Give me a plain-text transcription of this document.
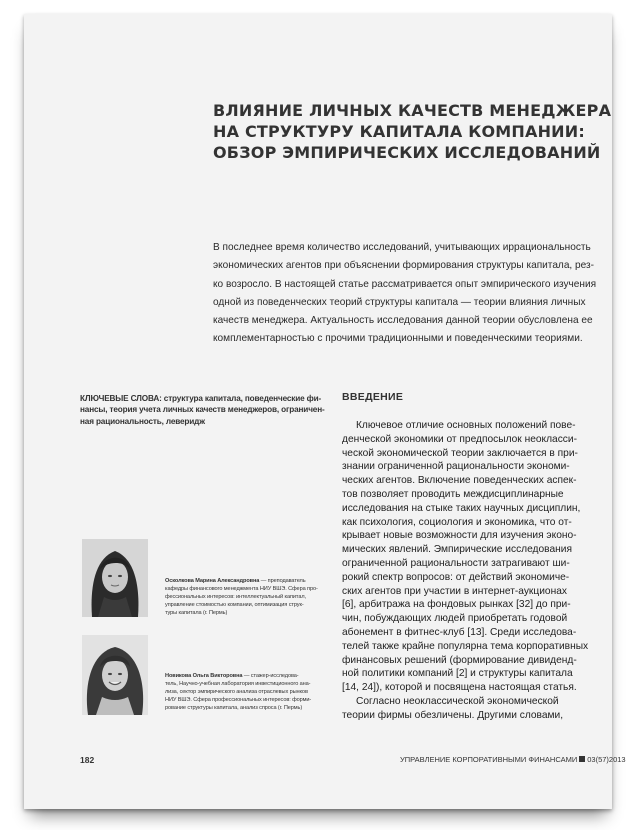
ВЛИЯНИЕ ЛИЧНЫХ КАЧЕСТВ МЕНЕДЖЕРА
НА СТРУКТУРУ КАПИТАЛА КОМПАНИИ:
ОБЗОР ЭМПИРИЧЕСКИХ ИССЛЕДОВАНИЙ
В последнее время количество исследований, учитывающих иррациональность
экономических агентов при объяснении формирования структуры капитала, рез-
ко возросло. В настоящей статье рассматривается опыт эмпирического изучения
одной из поведенческих теорий структуры капитала — теории влияния личных
качеств менеджера. Актуальность исследования данной теории обусловлена ее
комплементарностью с прочими традиционными и поведенческими теориями.
КЛЮЧЕВЫЕ СЛОВА: структура капитала, поведенческие фи-
нансы, теория учета личных качеств менеджеров, ограничен-
ная рациональность, леверидж
ВВЕДЕНИЕ
Ключевое отличие основных положений пове-
денческой экономики от предпосылок неокласси-
ческой экономической теории заключается в при-
знании ограниченной рациональности экономи-
ческих агентов. Включение поведенческих аспек-
тов позволяет проводить междисциплинарные
исследования на стыке таких научных дисциплин,
как психология, социология и экономика, что от-
крывает новые возможности для изучения эконо-
мических явлений. Эмпирические исследования
ограниченной рациональности затрагивают ши-
рокий спектр вопросов: от действий экономиче-
ских агентов при участии в интернет-аукционах
[6], арбитража на фондовых рынках [32] до при-
чин, побуждающих людей приобретать годовой
абонемент в фитнес-клуб [13]. Среди исследова-
телей также крайне популярна тема корпоративных
финансовых решений (формирование дивиденд-
ной политики компаний [2] и структуры капитала
[14, 24]), которой и посвящена настоящая статья.
Согласно неоклассической экономической
теории фирмы обезличены. Другими словами,
Осколкова Марина Александровна — преподаватель
кафедры финансового менеджмента НИУ ВШЭ. Сфера про-
фессиональных интересов: интеллектуальный капитал,
управление стоимостью компании, оптимизация струк-
туры капитала (г. Пермь)
Новикова Ольга Викторовна — стажер-исследова-
тель, Научно-учебная лаборатория инвестиционного ана-
лиза, сектор эмпирического анализа отраслевых рынков
НИУ ВШЭ. Сфера профессиональных интересов: форми-
рование структуры капитала, анализ спроса (г. Пермь)
182	УПРАВЛЕНИЕ КОРПОРАТИВНЫМИ ФИНАНСАМИ 03(57)2013
